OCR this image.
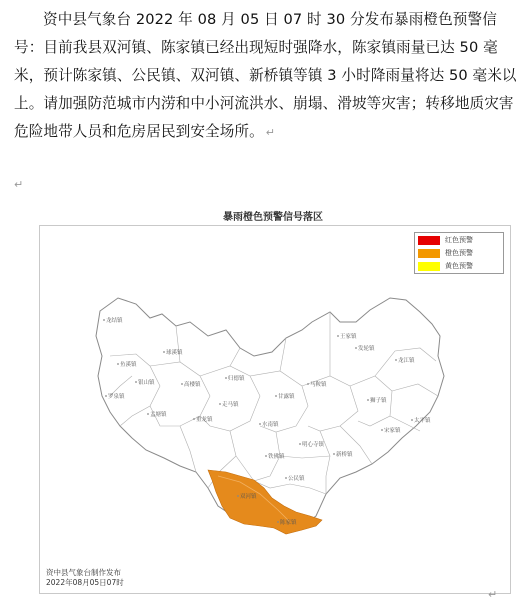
资中县气象台 2022 年 08 月 05 日 07 时 30 分发布暴雨橙色预警信号：目前我县双河镇、陈家镇已经出现短时强降水，陈家镇雨量已达 50 毫米，预计陈家镇、公民镇、双河镇、新桥镇等镇 3 小时降雨量将达 50 毫米以上。请加强防范城市内涝和中小河流洪水、崩塌、滑坡等灾害；转移地质灾害危险地带人员和危房居民到安全场所。 ↵

↵
暴雨橙色预警信号落区
龙结镇
王家镇
鱼溪镇
球溪镇
罗泉镇
银山镇	高楼镇
归德镇
孟塘镇
走马镇
重龙镇
水南镇
甘露镇
明心寺镇
铁佛镇
公民镇
双河镇
陈家镇
龙江镇
太平镇
发轮镇
新桥镇
狮子镇
马鞍镇
宋家镇
红色预警
橙色预警
黄色预警
资中县气象台制作发布
2022年08月05日07时
↵
